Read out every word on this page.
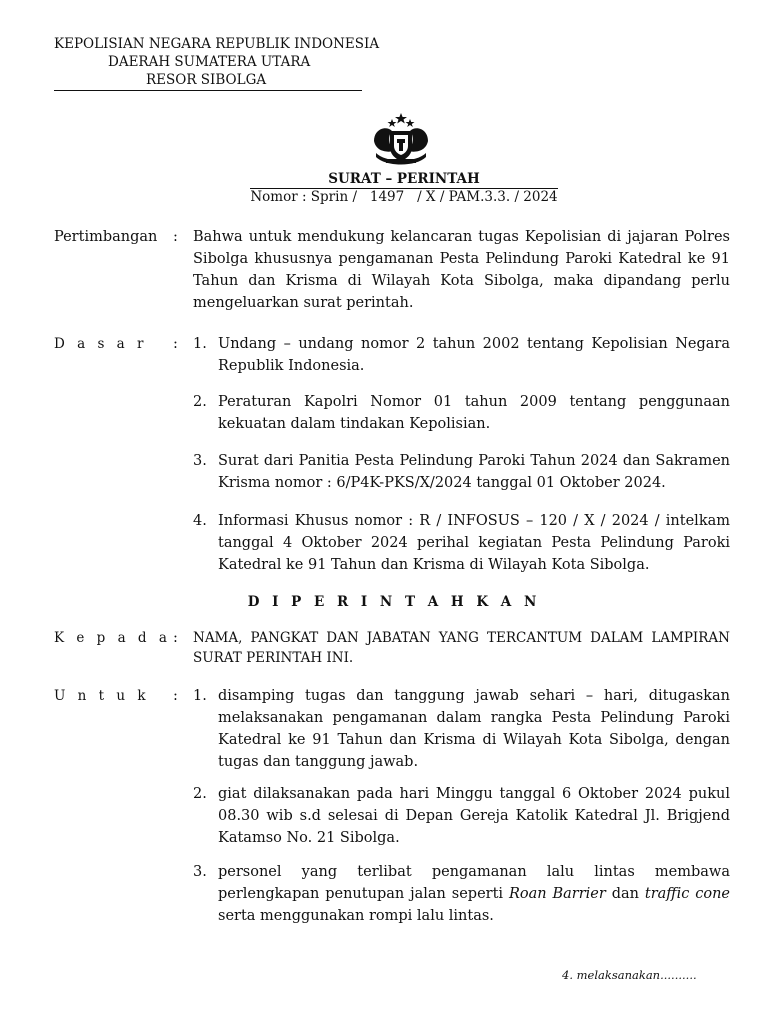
KEPOLISIAN NEGARA REPUBLIK INDONESIA
DAERAH SUMATERA UTARA
RESOR SIBOLGA
SURAT – PERINTAH
Nomor : Sprin /   1497   / X / PAM.3.3. / 2024
Pertimbangan	: Bahwa untuk mendukung kelancaran tugas Kepolisian di jajaran Polres Sibolga khususnya pengamanan Pesta Pelindung Paroki Katedral ke 91 Tahun dan Krisma di Wilayah Kota Sibolga, maka dipandang perlu mengeluarkan surat perintah.
D a s a r	: 1. Undang – undang nomor 2 tahun 2002 tentang Kepolisian Negara Republik Indonesia.
2. Peraturan Kapolri Nomor 01 tahun 2009 tentang penggunaan kekuatan dalam tindakan Kepolisian.
3. Surat dari Panitia Pesta Pelindung Paroki Tahun 2024 dan Sakramen Krisma nomor : 6/P4K-PKS/X/2024 tanggal 01 Oktober 2024.
4. Informasi Khusus nomor : R / INFOSUS – 120 / X / 2024 / intelkam tanggal 4 Oktober 2024 perihal kegiatan Pesta Pelindung Paroki Katedral ke 91 Tahun dan Krisma di Wilayah Kota Sibolga.
D I P E R I N T A H K A N
K e p a d a : NAMA, PANGKAT DAN JABATAN YANG TERCANTUM DALAM LAMPIRAN SURAT PERINTAH INI.
U n t u k	: 1. disamping tugas dan tanggung jawab sehari – hari, ditugaskan melaksanakan pengamanan dalam rangka Pesta Pelindung Paroki Katedral ke 91 Tahun dan Krisma di Wilayah Kota Sibolga, dengan tugas dan tanggung jawab.
2. giat dilaksanakan pada hari Minggu tanggal 6 Oktober 2024 pukul 08.30 wib s.d selesai di Depan Gereja Katolik Katedral Jl. Brigjend Katamso No. 21 Sibolga.
3. personel yang terlibat pengamanan lalu lintas membawa perlengkapan penutupan jalan seperti Roan Barrier dan traffic cone serta menggunakan rompi lalu lintas.
4. melaksanakan..........
